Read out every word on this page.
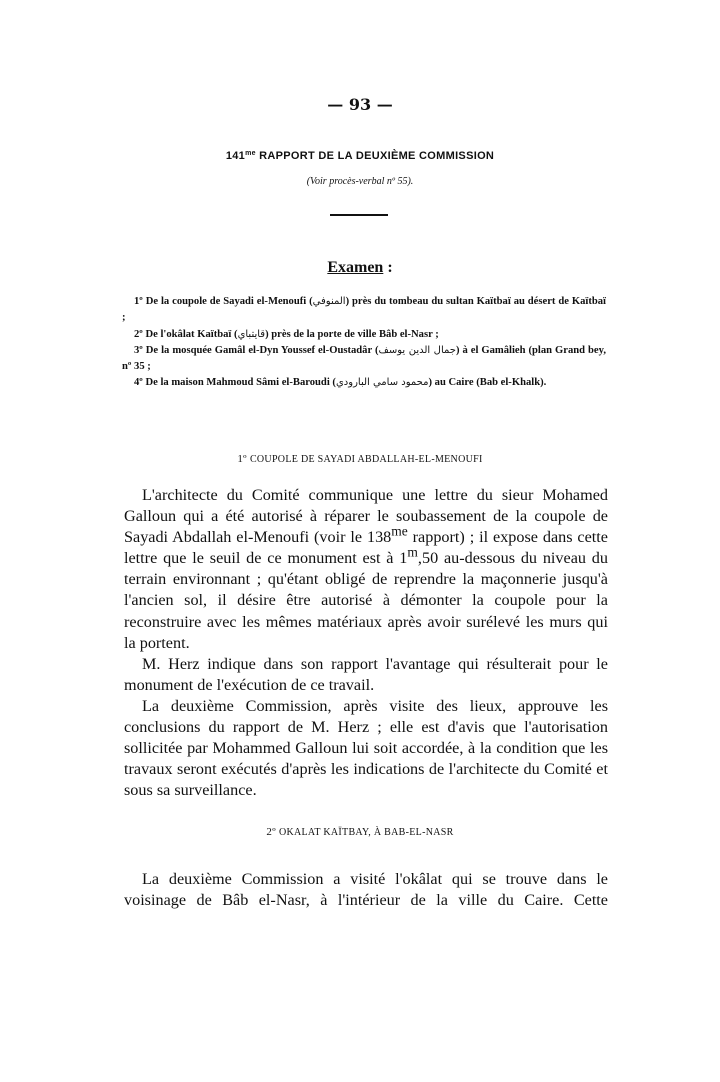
— 93 —
$141^{me}$ RAPPORT DE LA DEUXIÈME COMMISSION
(Voir procès-verbal nº 55).
Examen :

1º De la coupole de Sayadi el-Menoufi (المنوفي) près du tombeau du sultan Kaïtbaï au désert de Kaïtbaï ;

2º De l'okâlat Kaïtbaï (قايتباي) près de la porte de ville Bâb el-Nasr ;

3º De la mosquée Gamâl el-Dyn Youssef el-Oustadâr (جمال الدين يوسف) à el Gamâlieh (plan Grand bey, nº 35 ;

4º De la maison Mahmoud Sâmi el-Baroudi (محمود سامي البارودي) au Caire (Bab el-Khalk).

1º COUPOLE DE SAYADI ABDALLAH-EL-MENOUFI

L'architecte du Comité communique une lettre du sieur Mohamed Galloun qui a été autorisé à réparer le soubassement de la coupole de Sayadi Abdallah el-Menoufi (voir le $138^{me}$ rapport) ; il expose dans cette lettre que le seuil de ce monument est à 1$^m$,50 au-dessous du niveau du terrain environnant ; qu'étant obligé de reprendre la maçonnerie jusqu'à l'ancien sol, il désire être autorisé à démonter la coupole pour la reconstruire avec les mêmes matériaux après avoir surélevé les murs qui la portent.

M. Herz indique dans son rapport l'avantage qui résulterait pour le monument de l'exécution de ce travail.

La deuxième Commission, après visite des lieux, approuve les conclusions du rapport de M. Herz ; elle est d'avis que l'autorisation sollicitée par Mohammed Galloun lui soit accordée, à la condition que les travaux seront exécutés d'après les indications de l'architecte du Comité et sous sa surveillance.

2º OKALAT KAÏTBAY, À BAB-EL-NASR

La deuxième Commission a visité l'okâlat qui se trouve dans le voisinage de Bâb el-Nasr, à l'intérieur de la ville du Caire. Cette
